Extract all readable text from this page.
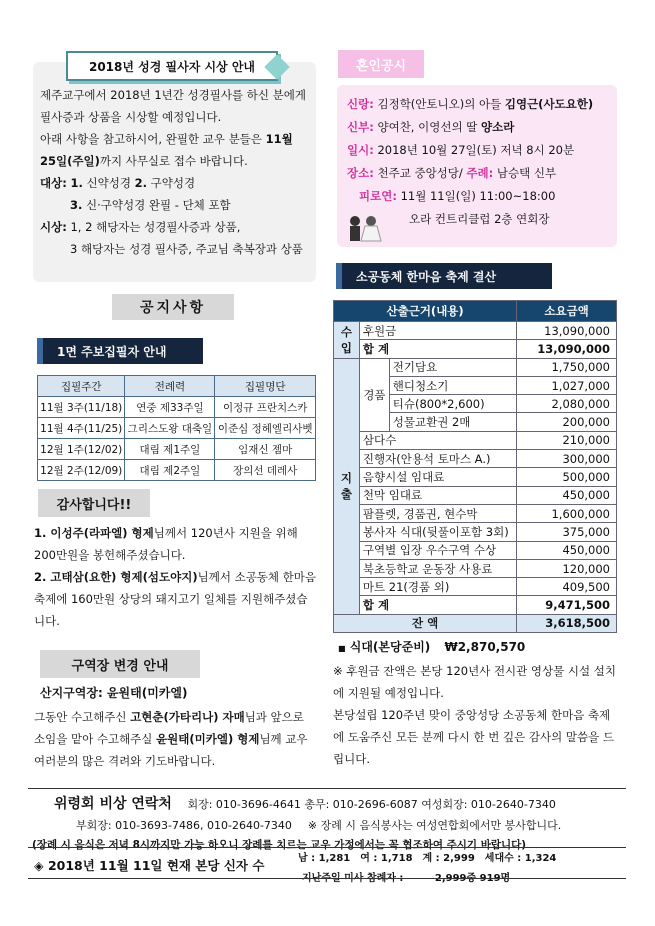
2018년 성경 필사자 시상 안내
제주교구에서 2018년 1년간 성경필사를 하신 분에게 필사증과 상품을 시상할 예정입니다.
아래 사항을 참고하시어, 완필한 교우 분들은 11월 25일(주일)까지 사무실로 접수 바랍니다.
대상: 1. 신약성경 2. 구약성경
3. 신·구약성경 완필 - 단체 포함
시상: 1, 2 해당자는 성경필사증과 상품,
3 해당자는 성경 필사증, 주교님 축복장과 상품
공지사항
1면 주보집필자 안내
집필주간	전례력	집필명단
11월 3주(11/18)	연중 제33주일	이정규 프란치스카
11월 4주(11/25)	그리스도왕 대축일	이준심 정헤엘리사벳
12월 1주(12/02)	대림 제1주일	임재신 젬마
12월 2주(12/09)	대림 제2주일	장의선 데레사
감사합니다!!
1. 이성주(라파엘) 형제님께서 120년사 지원을 위해 200만원을 봉헌해주셨습니다.
2. 고태삼(요한) 형제(섬도야지)님께서 소공동체 한마음 축제에 160만원 상당의 돼지고기 일체를 지원해주셨습니다.
구역장 변경 안내
산지구역장: 윤원태(미카엘)
그동안 수고해주신 고현춘(가타리나) 자매님과 앞으로 소임을 맡아 수고해주실 윤원태(미카엘) 형제님께 교우 여러분의 많은 격려와 기도바랍니다.
혼인공시
신랑: 김정학(안토니오)의 아들 김영근(사도요한)
신부: 양여찬, 이영선의 딸 양소라
일시: 2018년 10월 27일(토) 저녁 8시 20분
장소: 천주교 중앙성당/ 주례: 남승택 신부
피로연: 11월 11일(일) 11:00~18:00
오라 컨트리클럽 2층 연회장
소공동체 한마음 축제 결산
산출근거(내용)			소요금액
수입	후원금		13,090,000
	합 계		13,090,000
지출	경품	전기담요	1,750,000
		핸디청소기	1,027,000
		티슈(800*2,600)	2,080,000
		성물교환권 2매	200,000
	삼다수		210,000
	진행자(안용석 토마스 A.)		300,000
	음향시설 임대료		500,000
	천막 임대료		450,000
	팜플렛, 경품권, 현수막		1,600,000
	봉사자 식대(뒷풀이포함 3회)		375,000
	구역별 입장 우수구역 수상		450,000
	북초등학교 운동장 사용료		120,000
	마트 21(경품 외)		409,500
	합 계		9,471,500
잔 액			3,618,500
■ 식대(본당준비) ₩2,870,570
※ 후원금 잔액은 본당 120년사 전시관 영상물 시설 설치에 지원될 예정입니다.
본당설립 120주년 맞이 중앙성당 소공동체 한마음 축제에 도움주신 모든 분께 다시 한 번 깊은 감사의 말씀을 드립니다.
위령회 비상 연락처 회장: 010-3696-4641 총무: 010-2696-6087 여성회장: 010-2640-7340
부회장: 010-3693-7486, 010-2640-7340 ※ 장례 시 음식봉사는 여성연합회에서만 봉사합니다.
(장례 시 음식은 저녁 8시까지만 가능 하오니 장례를 치르는 교우 가정에서는 꼭 협조하여 주시기 바랍니다)
◈ 2018년 11월 11일 현재 본당 신자 수	남 : 1,281 여 : 1,718 계 : 2,999 세대수 : 1,324
지난주일 미사 참례자 :	2,999중 919명
